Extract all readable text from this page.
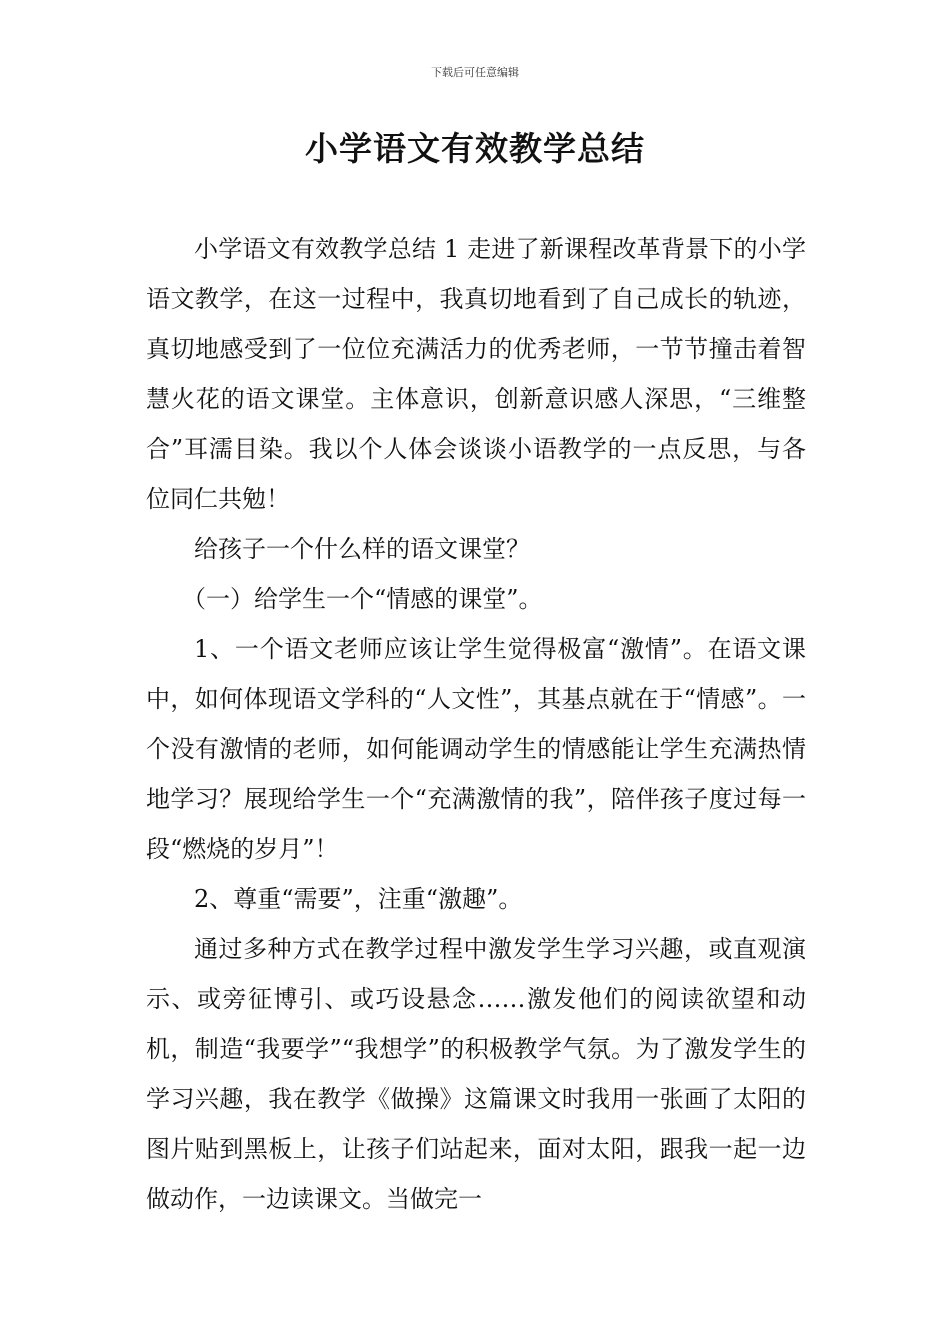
下载后可任意编辑
小学语文有效教学总结

小学语文有效教学总结 1 走进了新课程改革背景下的小学语文教学，在这一过程中，我真切地看到了自己成长的轨迹，真切地感受到了一位位充满活力的优秀老师，一节节撞击着智慧火花的语文课堂。主体意识，创新意识感人深思，“三维整合”耳濡目染。我以个人体会谈谈小语教学的一点反思，与各位同仁共勉！

给孩子一个什么样的语文课堂？

（一）给学生一个“情感的课堂”。

1、一个语文老师应该让学生觉得极富“激情”。在语文课中，如何体现语文学科的“人文性”，其基点就在于“情感”。一个没有激情的老师，如何能调动学生的情感能让学生充满热情地学习？展现给学生一个“充满激情的我”，陪伴孩子度过每一段“燃烧的岁月”！

2、尊重“需要”，注重“激趣”。

通过多种方式在教学过程中激发学生学习兴趣，或直观演示、或旁征博引、或巧设悬念……激发他们的阅读欲望和动机，制造“我要学”“我想学”的积极教学气氛。为了激发学生的学习兴趣，我在教学《做操》这篇课文时我用一张画了太阳的图片贴到黑板上，让孩子们站起来，面对太阳，跟我一起一边做动作，一边读课文。当做完一
